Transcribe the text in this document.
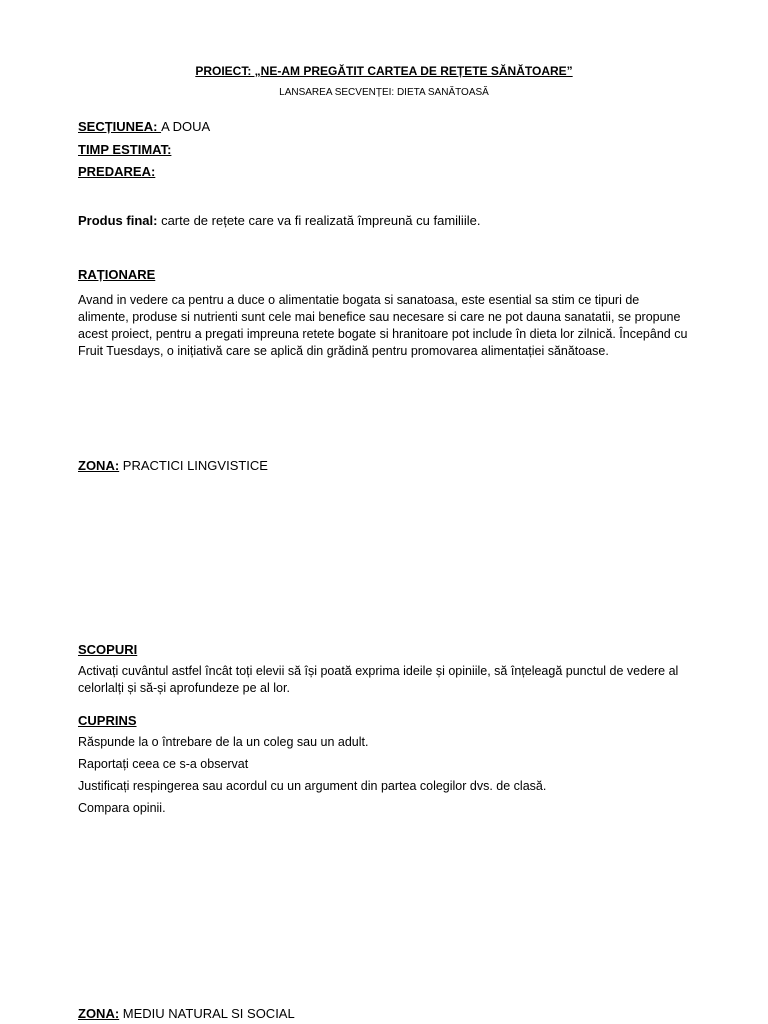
PROIECT: „NE-AM PREGĂTIT CARTEA DE REȚETE SĂNĂTOARE”

LANSAREA SECVENȚEI: DIETA SANĂTOASĂ

SECȚIUNEA: A DOUA

TIMP ESTIMAT:

PREDAREA:

Produs final: carte de rețete care va fi realizată împreună cu familiile.

RAȚIONARE

Avand in vedere ca pentru a duce o alimentatie bogata si sanatoasa, este esential sa stim ce tipuri de alimente, produse si nutrienti sunt cele mai benefice sau necesare si care ne pot dauna sanatatii, se propune acest proiect, pentru a pregati impreuna retete bogate si hranitoare pot include în dieta lor zilnică. Începând cu Fruit Tuesdays, o inițiativă care se aplică din grădină pentru promovarea alimentației sănătoase.

ZONA: PRACTICI LINGVISTICE

SCOPURI

Activați cuvântul astfel încât toți elevii să își poată exprima ideile și opiniile, să înțeleagă punctul de vedere al celorlalți și să-și aprofundeze pe al lor.

CUPRINS

Răspunde la o întrebare de la un coleg sau un adult.

Raportați ceea ce s-a observat

Justificați respingerea sau acordul cu un argument din partea colegilor dvs. de clasă.

Compara opinii.

ZONA: MEDIU NATURAL SI SOCIAL
